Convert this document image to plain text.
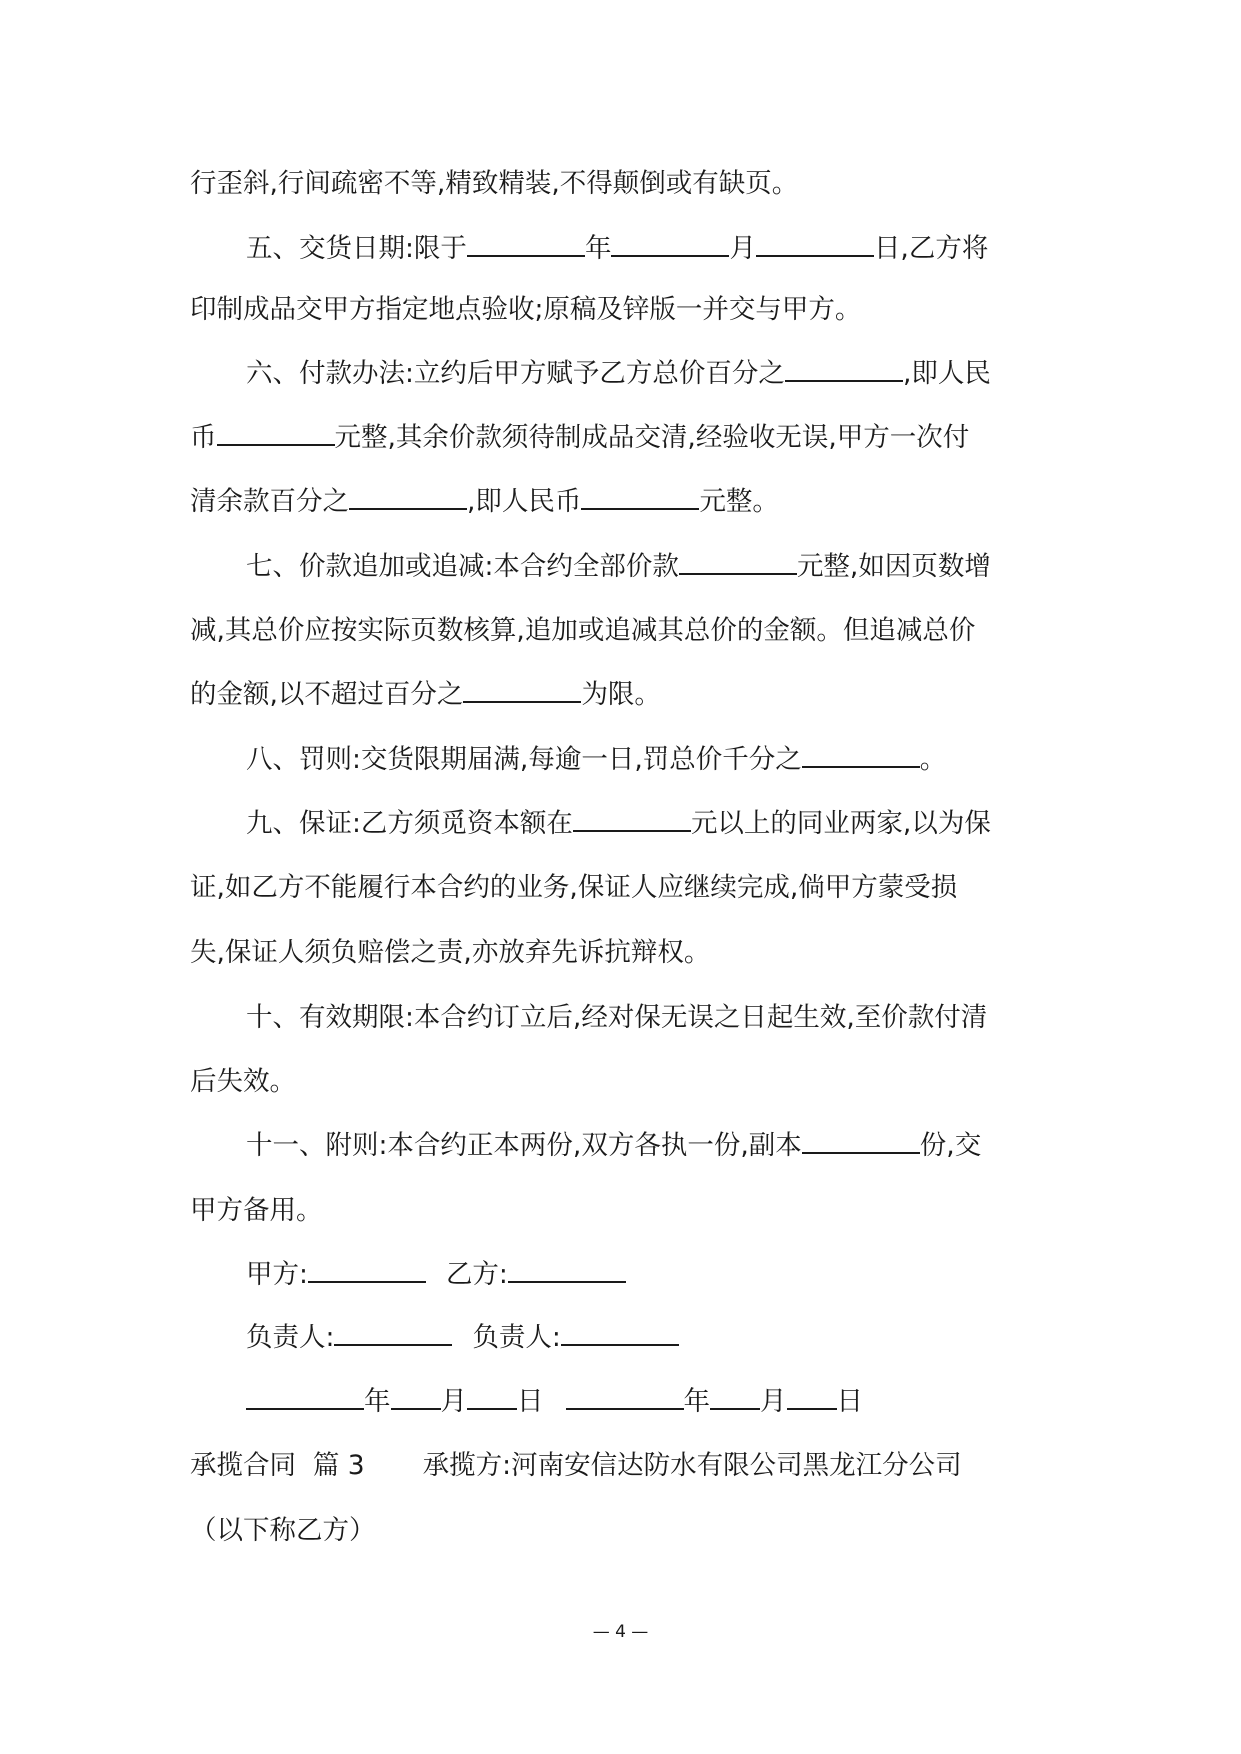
行歪斜,行间疏密不等,精致精装,不得颠倒或有缺页。
五、交货日期:限于	年	月	日,乙方将
印制成品交甲方指定地点验收;原稿及锌版一并交与甲方。
六、付款办法:立约后甲方赋予乙方总价百分之	,即人民
币	元整,其余价款须待制成品交清,经验收无误,甲方一次付
清余款百分之	,即人民币	元整。
七、价款追加或追减:本合约全部价款	元整,如因页数增
减,其总价应按实际页数核算,追加或追减其总价的金额。但追减总价
的金额,以不超过百分之	为限。
八、罚则:交货限期届满,每逾一日,罚总价千分之	。
九、保证:乙方须觅资本额在	元以上的同业两家,以为保
证,如乙方不能履行本合约的业务,保证人应继续完成,倘甲方蒙受损
失,保证人须负赔偿之责,亦放弃先诉抗辩权。
十、有效期限:本合约订立后,经对保无误之日起生效,至价款付清
后失效。
十一、附则:本合约正本两份,双方各执一份,副本	份,交
甲方备用。
甲方:	乙方:
负责人:	负责人:
年 月 日	年 月 日
承揽合同  篇 3 承揽方:河南安信达防水有限公司黑龙江分公司
（以下称乙方）
— 4 —
